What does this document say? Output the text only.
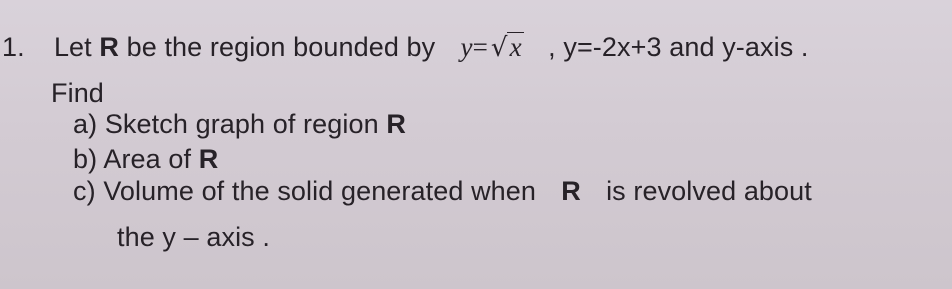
1. Let R be the region bounded by y= √x , y=-2x+3 and y-axis .
Find
a) Sketch graph of region R
b) Area of R
c) Volume of the solid generated when R is revolved about
the y – axis .
